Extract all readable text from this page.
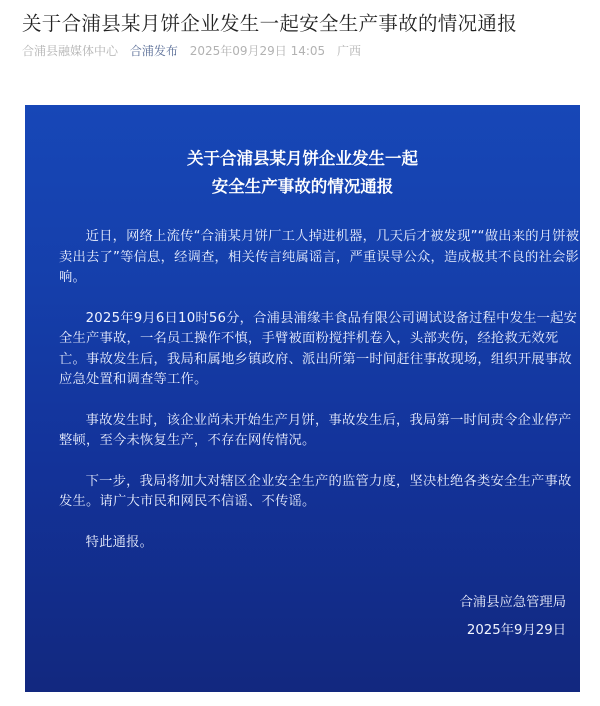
关于合浦县某月饼企业发生一起安全生产事故的情况通报
合浦县融媒体中心 合浦发布 2025年09月29日 14:05 广西
关于合浦县某月饼企业发生一起
安全生产事故的情况通报

近日，网络上流传“合浦某月饼厂工人掉进机器，几天后才被发现”“做出来的月饼被卖出去了”等信息，经调查，相关传言纯属谣言，严重误导公众，造成极其不良的社会影响。

2025年9月6日10时56分，合浦县浦缘丰食品有限公司调试设备过程中发生一起安全生产事故，一名员工操作不慎，手臂被面粉搅拌机卷入，头部夹伤，经抢救无效死亡。事故发生后，我局和属地乡镇政府、派出所第一时间赶往事故现场，组织开展事故应急处置和调查等工作。

事故发生时，该企业尚未开始生产月饼，事故发生后，我局第一时间责令企业停产整顿，至今未恢复生产，不存在网传情况。

下一步，我局将加大对辖区企业安全生产的监管力度，坚决杜绝各类安全生产事故发生。请广大市民和网民不信谣、不传谣。

特此通报。

合浦县应急管理局
2025年9月29日
